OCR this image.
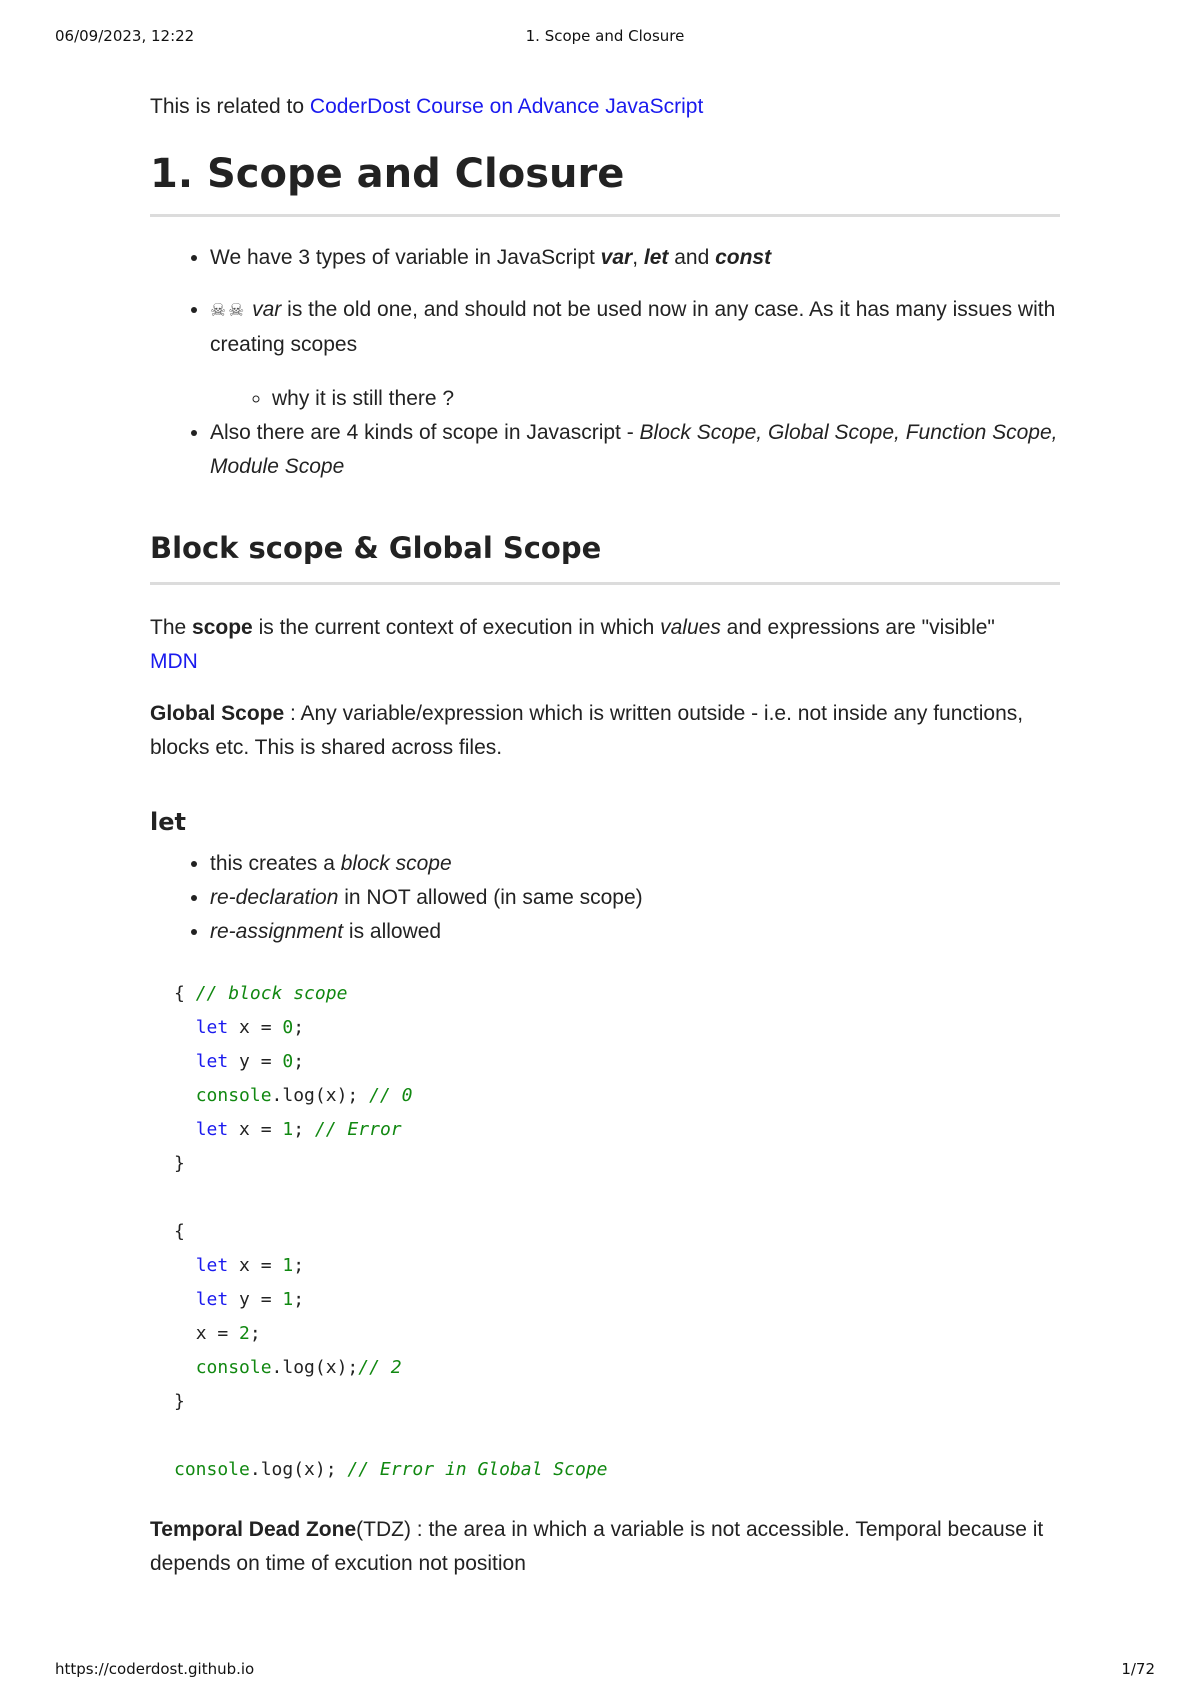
06/09/2023, 12:22	1. Scope and Closure

This is related to CoderDost Course on Advance JavaScript

1. Scope and Closure
• We have 3 types of variable in JavaScript var, let and const
• ☠☠ var is the old one, and should not be used now in any case. As it has many issues with creating scopes
◦ why it is still there ?
• Also there are 4 kinds of scope in Javascript - Block Scope, Global Scope, Function Scope, Module Scope
Block scope & Global Scope

The scope is the current context of execution in which values and expressions are "visible"
MDN

Global Scope : Any variable/expression which is written outside - i.e. not inside any functions, blocks etc. This is shared across files.

let
• this creates a block scope
• re-declaration in NOT allowed (in same scope)
• re-assignment is allowed
{ // block scope
let x = 0;
let y = 0;
console.log(x); // 0
let x = 1; // Error
}
{
let x = 1;
let y = 1;
x = 2;
console.log(x);// 2
}
console.log(x); // Error in Global Scope

Temporal Dead Zone(TDZ) : the area in which a variable is not accessible. Temporal because it depends on time of excution not position

https://coderdost.github.io	1/72
